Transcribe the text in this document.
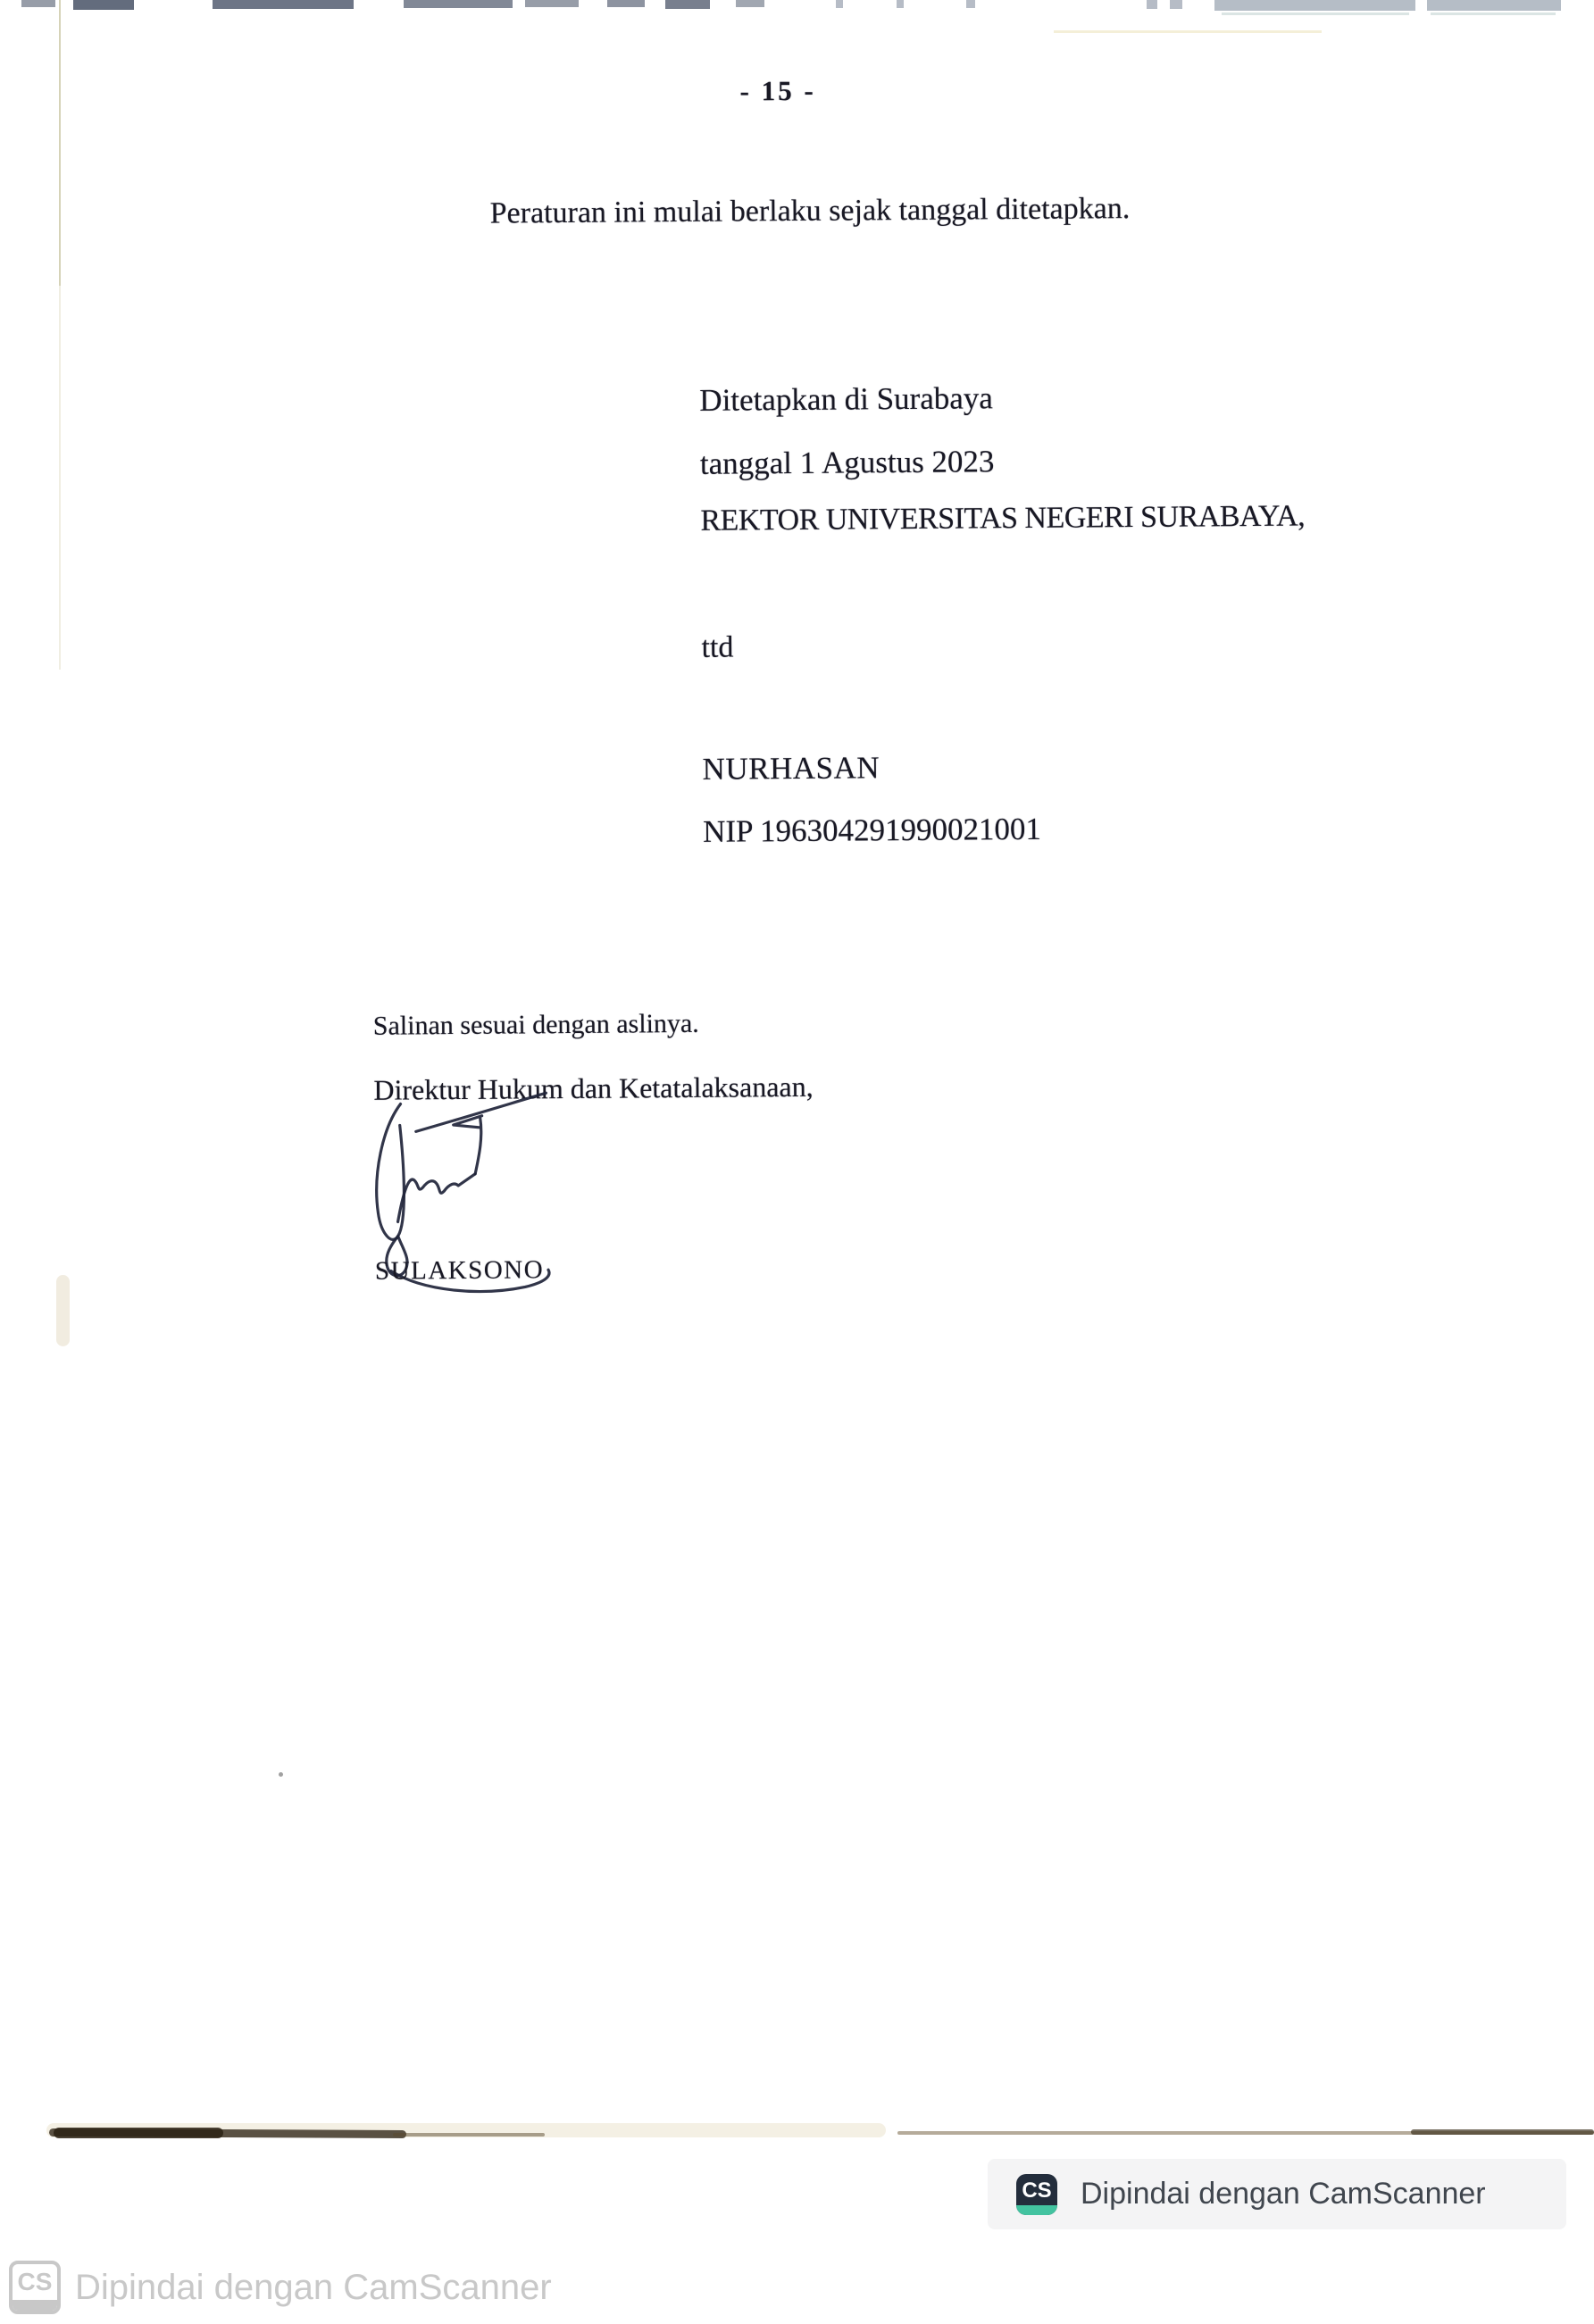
- 15 -
Peraturan ini mulai berlaku sejak tanggal ditetapkan.
Ditetapkan di Surabaya
tanggal 1 Agustus 2023
REKTOR UNIVERSITAS NEGERI SURABAYA,
ttd
NURHASAN
NIP 196304291990021001
Salinan sesuai dengan aslinya.
Direktur Hukum dan Ketatalaksanaan,
SULAKSONO
CS Dipindai dengan CamScanner
CS Dipindai dengan CamScanner
